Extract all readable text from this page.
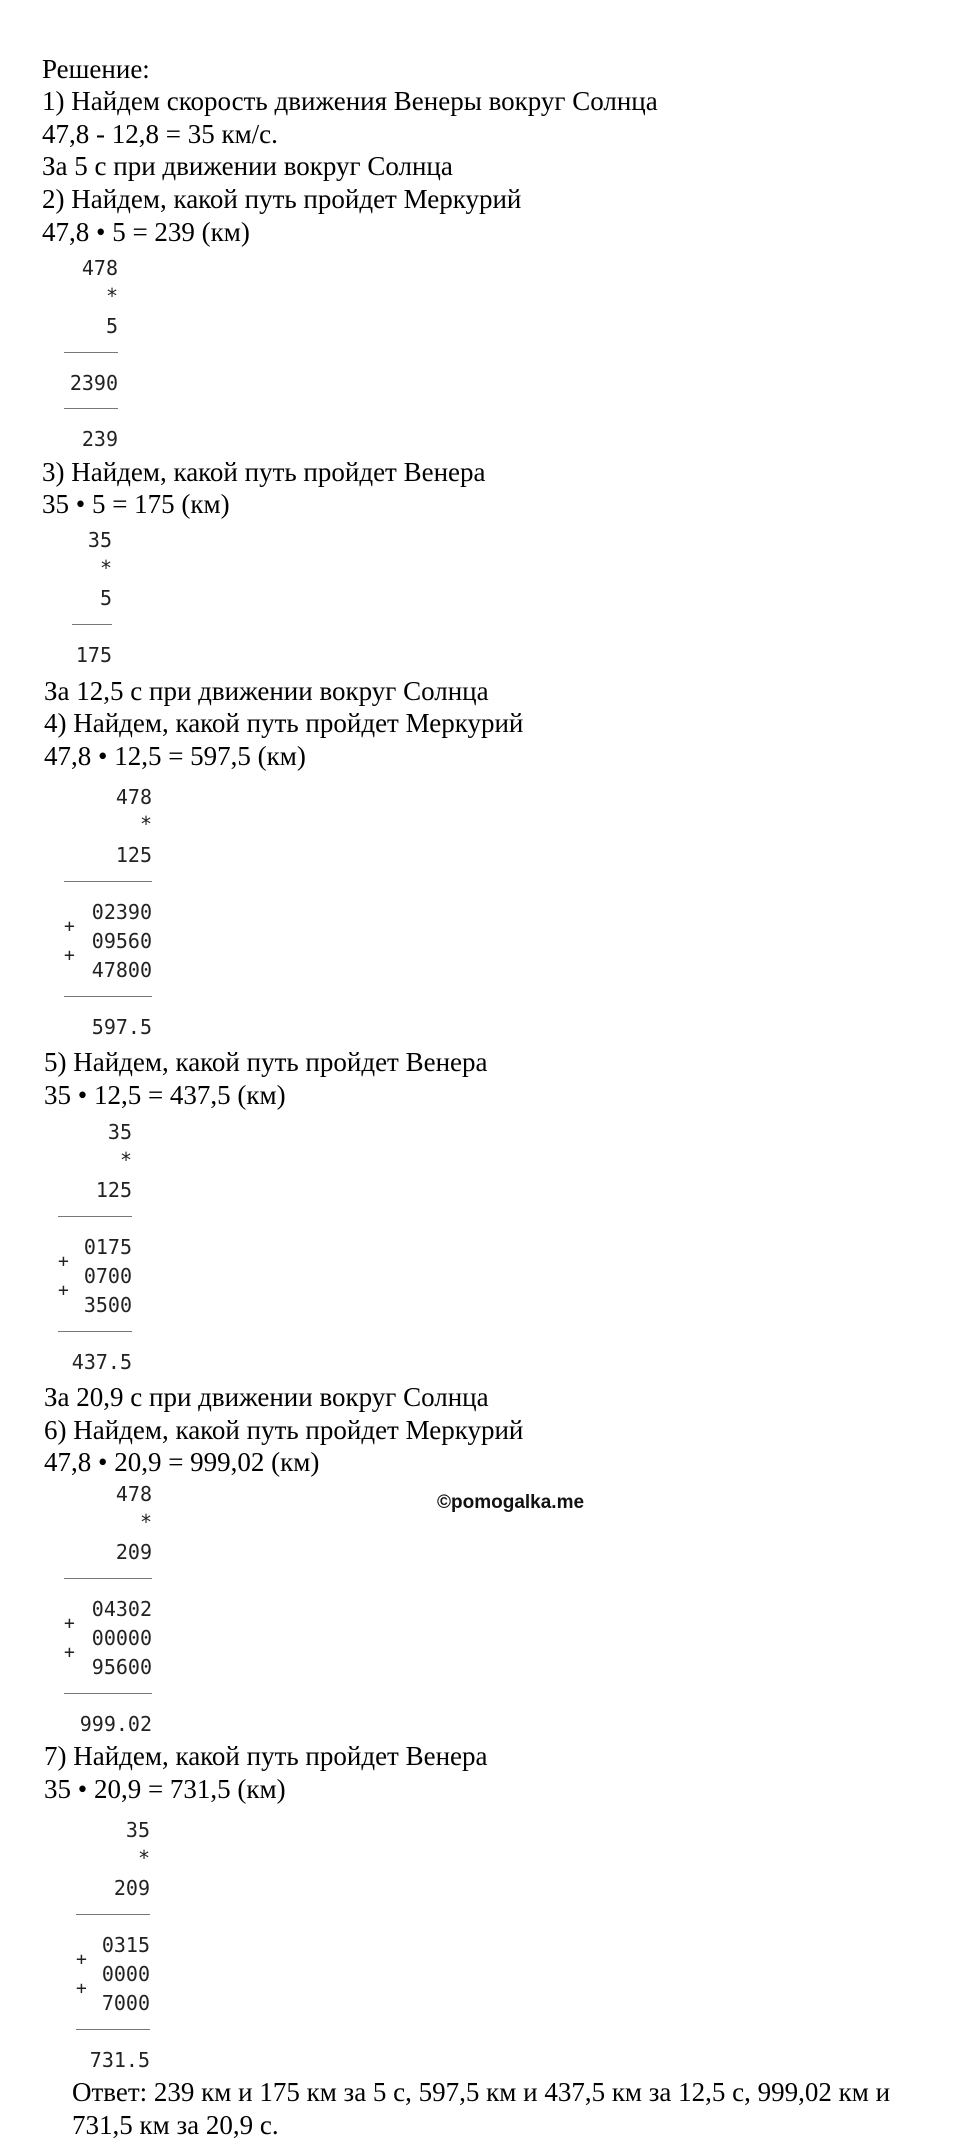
Решение:
1) Найдем скорость движения Венеры вокруг Солнца
47,8 - 12,8 = 35 км/с.
За 5 с при движении вокруг Солнца
2) Найдем, какой путь пройдет Меркурий
47,8 • 5 = 239 (км)
478
*
5
2390
239
3) Найдем, какой путь пройдет Венера
35 • 5 = 175 (км)
35
*
5
175
За 12,5 с при движении вокруг Солнца
4) Найдем, какой путь пройдет Меркурий
47,8 • 12,5 = 597,5 (км)
478
*
125
02390
+
09560
+
47800
597.5
5) Найдем, какой путь пройдет Венера
35 • 12,5 = 437,5 (км)
35
*
125
0175
+
0700
+
3500
437.5
За 20,9 с при движении вокруг Солнца
6) Найдем, какой путь пройдет Меркурий
47,8 • 20,9 = 999,02 (км)
©pomogalka.me
478
*
209
04302
+
00000
+
95600
999.02
7) Найдем, какой путь пройдет Венера
35 • 20,9 = 731,5 (км)
35
*
209
0315
+
0000
+
7000
731.5
Ответ: 239 км и 175 км за 5 с, 597,5 км и 437,5 км за 12,5 с, 999,02 км и
731,5 км за 20,9 с.
